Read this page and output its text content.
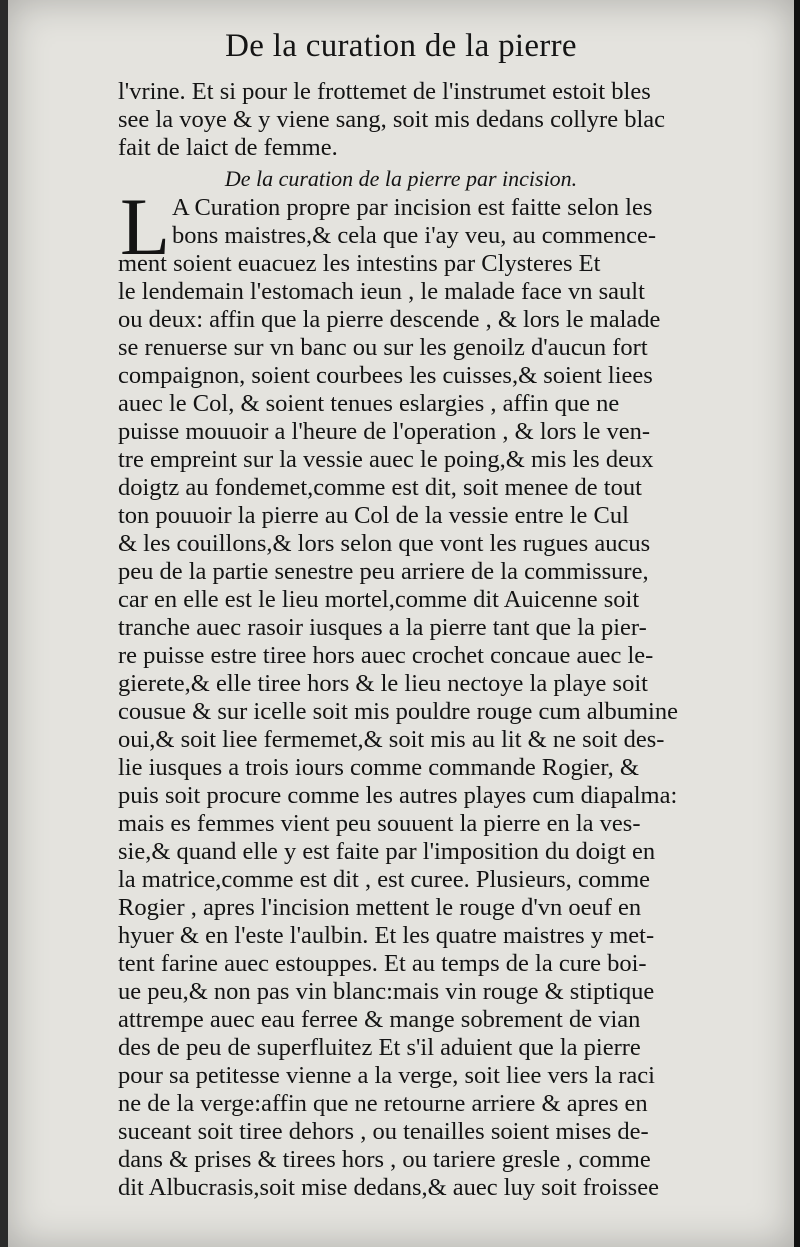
De la curation de la pierre
l'vrine. Et si pour le frottemet de l'instrumet estoit bles
see la voye & y viene sang, soit mis dedans collyre blac
fait de laict de femme.
De la curation de la pierre par incision.
L A Curation propre par incision est faitte selon les
bons maistres,& cela que i'ay veu, au commence-
ment soient euacuez les intestins par Clysteres Et
le lendemain l'estomach ieun , le malade face vn sault
ou deux: affin que la pierre descende , & lors le malade
se renuerse sur vn banc ou sur les genoilz d'aucun fort
compaignon, soient courbees les cuisses,& soient liees
auec le Col, & soient tenues eslargies , affin que ne
puisse mouuoir a l'heure de l'operation , & lors le ven-
tre empreint sur la vessie auec le poing,& mis les deux
doigtz au fondemet,comme est dit, soit menee de tout
ton pouuoir la pierre au Col de la vessie entre le Cul
& les couillons,& lors selon que vont les rugues aucus
peu de la partie senestre peu arriere de la commissure,
car en elle est le lieu mortel,comme dit Auicenne soit
tranche auec rasoir iusques a la pierre tant que la pier-
re puisse estre tiree hors auec crochet concaue auec le-
gierete,& elle tiree hors & le lieu nectoye la playe soit
cousue & sur icelle soit mis pouldre rouge cum albumine
oui,& soit liee fermemet,& soit mis au lit & ne soit des-
lie iusques a trois iours comme commande Rogier, &
puis soit procure comme les autres playes cum diapalma:
mais es femmes vient peu souuent la pierre en la ves-
sie,& quand elle y est faite par l'imposition du doigt en
la matrice,comme est dit , est curee. Plusieurs, comme
Rogier , apres l'incision mettent le rouge d'vn oeuf en
hyuer & en l'este l'aulbin. Et les quatre maistres y met-
tent farine auec estouppes. Et au temps de la cure boi-
ue peu,& non pas vin blanc:mais vin rouge & stiptique
attrempe auec eau ferree & mange sobrement de vian
des de peu de superfluitez Et s'il aduient que la pierre
pour sa petitesse vienne a la verge, soit liee vers la raci
ne de la verge:affin que ne retourne arriere & apres en
suceant soit tiree dehors , ou tenailles soient mises de-
dans & prises & tirees hors , ou tariere gresle , comme
dit Albucrasis,soit mise dedans,& auec luy soit froissee
